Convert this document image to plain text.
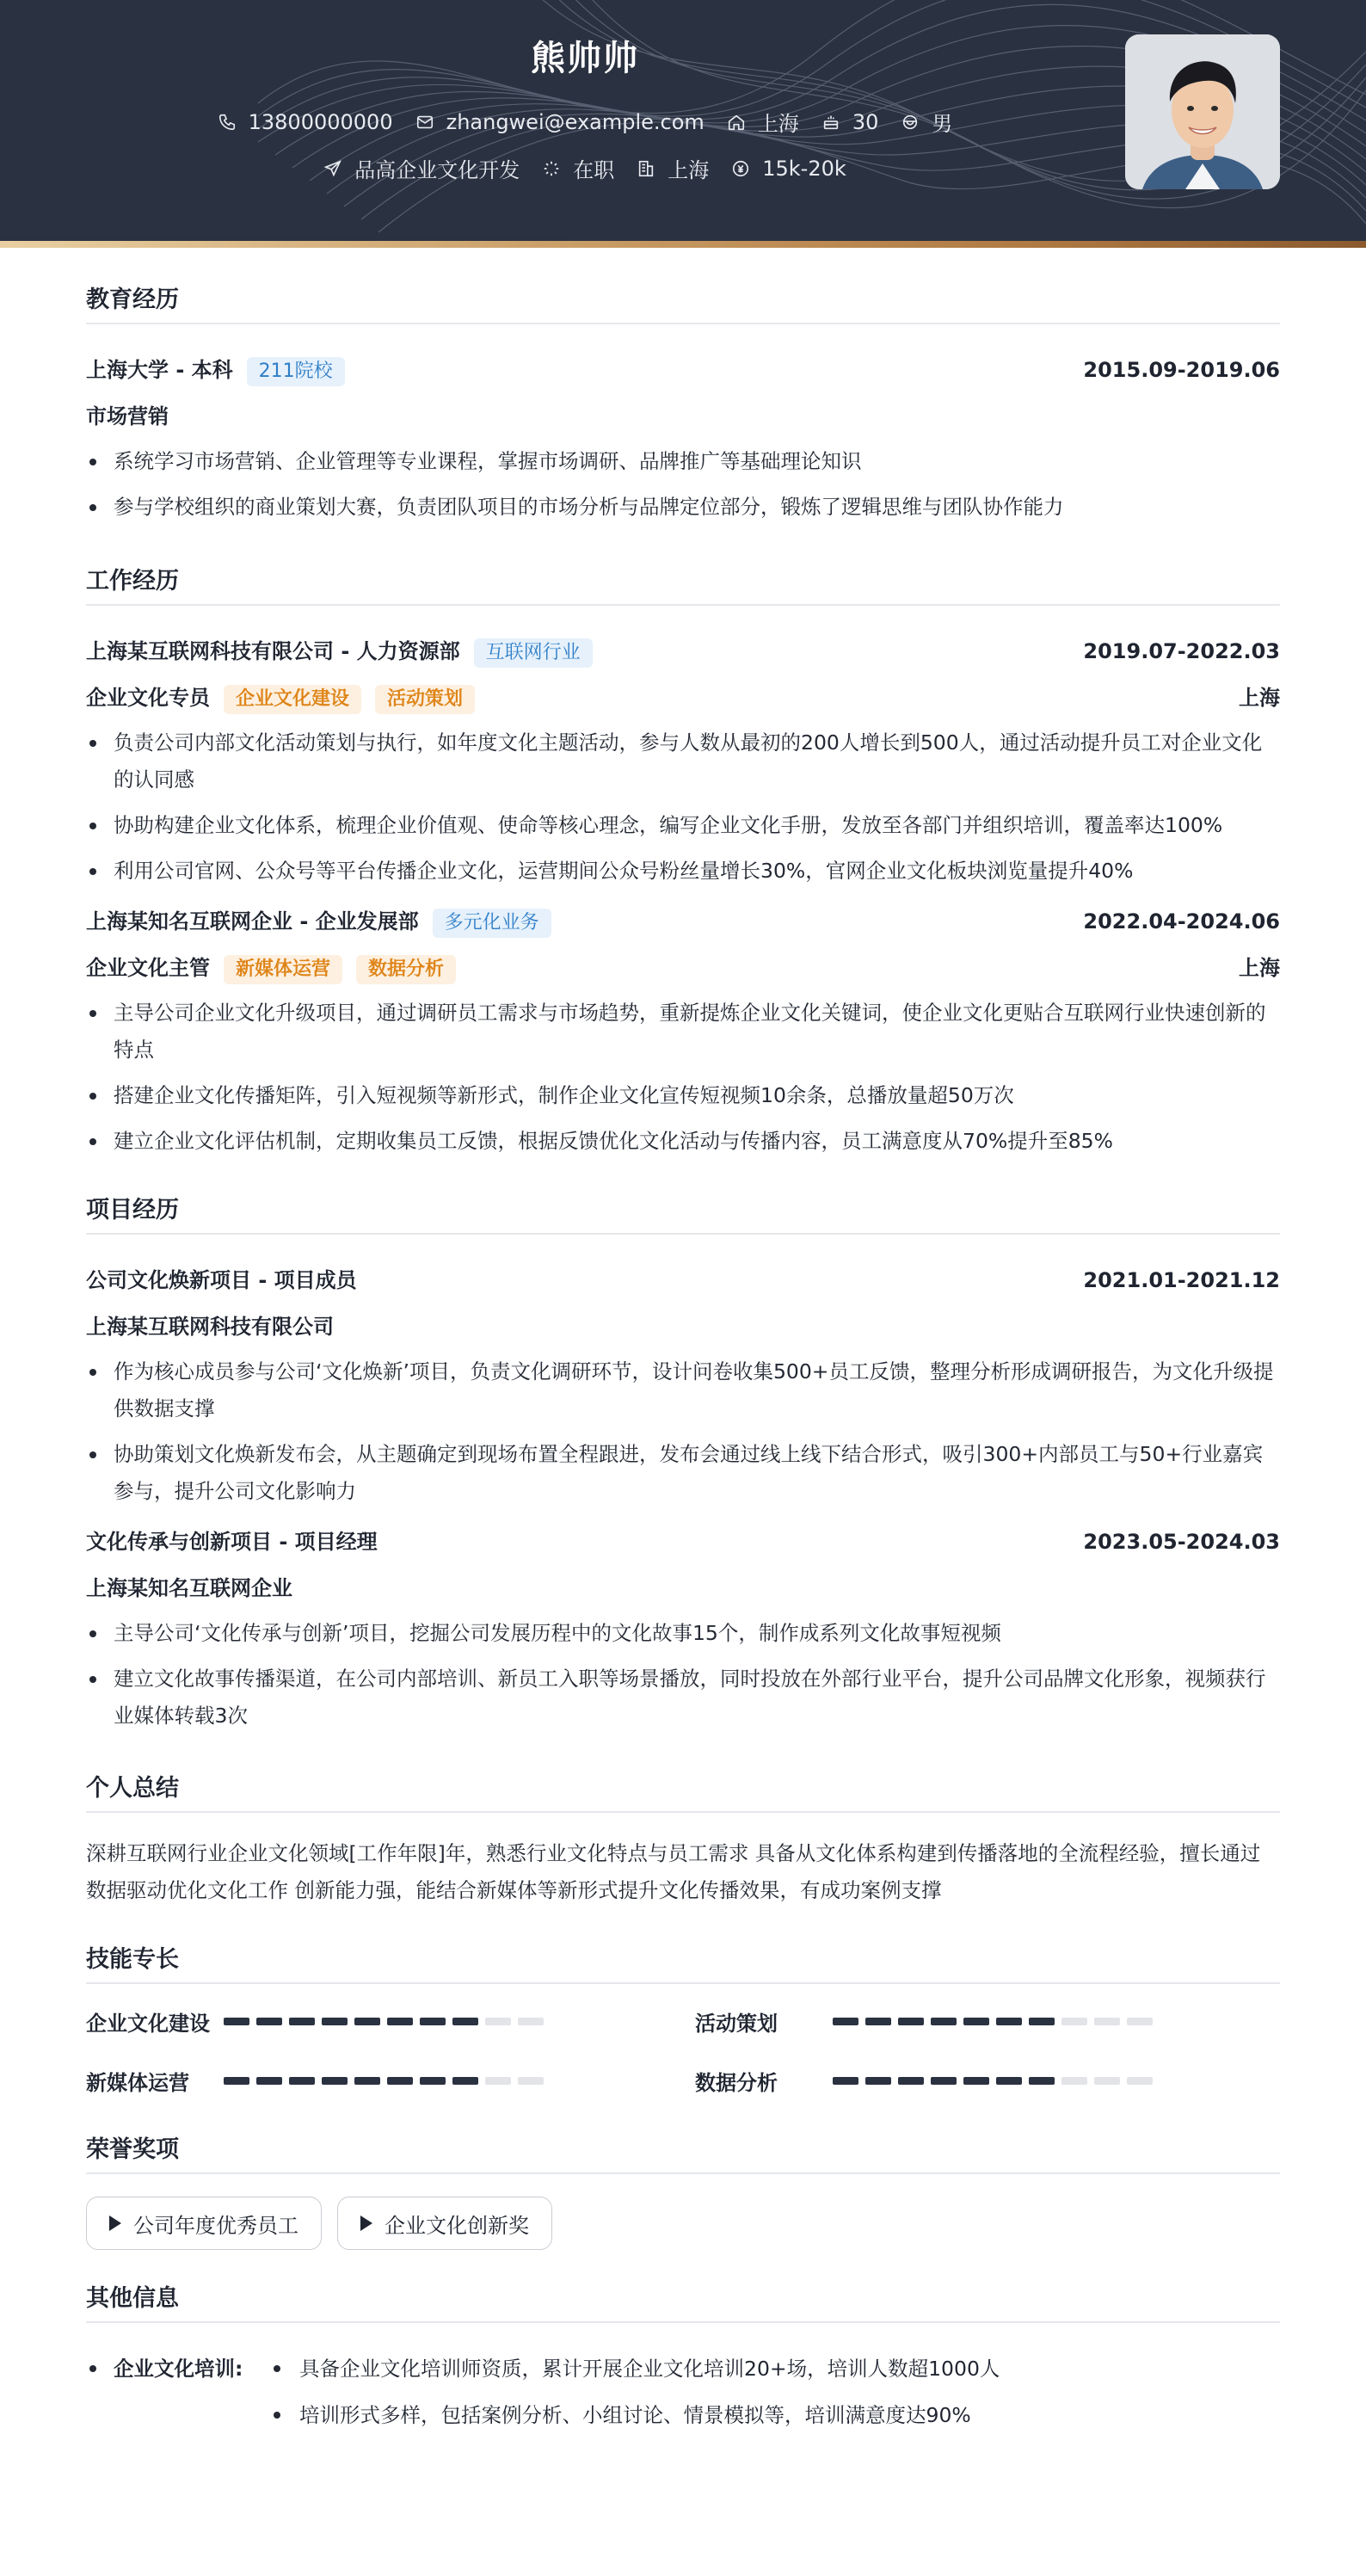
熊帅帅
13800000000	zhangwei@example.com	上海	30	男
品高企业文化开发	在职	上海	15k-20k
教育经历
上海大学 - 本科 211院校	2015.09-2019.06
市场营销
系统学习市场营销、企业管理等专业课程，掌握市场调研、品牌推广等基础理论知识
参与学校组织的商业策划大赛，负责团队项目的市场分析与品牌定位部分，锻炼了逻辑思维与团队协作能力
工作经历
上海某互联网科技有限公司 - 人力资源部 互联网行业	2019.07-2022.03
企业文化专员 企业文化建设 活动策划	上海
负责公司内部文化活动策划与执行，如年度文化主题活动，参与人数从最初的200人增长到500人，通过活动提升员工对企业文化的认同感
协助构建企业文化体系，梳理企业价值观、使命等核心理念，编写企业文化手册，发放至各部门并组织培训，覆盖率达100%
利用公司官网、公众号等平台传播企业文化，运营期间公众号粉丝量增长30%，官网企业文化板块浏览量提升40%
上海某知名互联网企业 - 企业发展部 多元化业务	2022.04-2024.06
企业文化主管 新媒体运营 数据分析	上海
主导公司企业文化升级项目，通过调研员工需求与市场趋势，重新提炼企业文化关键词，使企业文化更贴合互联网行业快速创新的特点
搭建企业文化传播矩阵，引入短视频等新形式，制作企业文化宣传短视频10余条，总播放量超50万次
建立企业文化评估机制，定期收集员工反馈，根据反馈优化文化活动与传播内容，员工满意度从70%提升至85%
项目经历
公司文化焕新项目 - 项目成员	2021.01-2021.12
上海某互联网科技有限公司
作为核心成员参与公司‘文化焕新’项目，负责文化调研环节，设计问卷收集500+员工反馈，整理分析形成调研报告，为文化升级提供数据支撑
协助策划文化焕新发布会，从主题确定到现场布置全程跟进，发布会通过线上线下结合形式，吸引300+内部员工与50+行业嘉宾参与，提升公司文化影响力
文化传承与创新项目 - 项目经理	2023.05-2024.03
上海某知名互联网企业
主导公司‘文化传承与创新’项目，挖掘公司发展历程中的文化故事15个，制作成系列文化故事短视频
建立文化故事传播渠道，在公司内部培训、新员工入职等场景播放，同时投放在外部行业平台，提升公司品牌文化形象，视频获行业媒体转载3次
个人总结
深耕互联网行业企业文化领域[工作年限]年，熟悉行业文化特点与员工需求 具备从文化体系构建到传播落地的全流程经验，擅长通过数据驱动优化文化工作 创新能力强，能结合新媒体等新形式提升文化传播效果，有成功案例支撑
技能专长
企业文化建设	活动策划
新媒体运营	数据分析
荣誉奖项
公司年度优秀员工	企业文化创新奖
其他信息
企业文化培训:	具备企业文化培训师资质，累计开展企业文化培训20+场，培训人数超1000人
培训形式多样，包括案例分析、小组讨论、情景模拟等，培训满意度达90%
